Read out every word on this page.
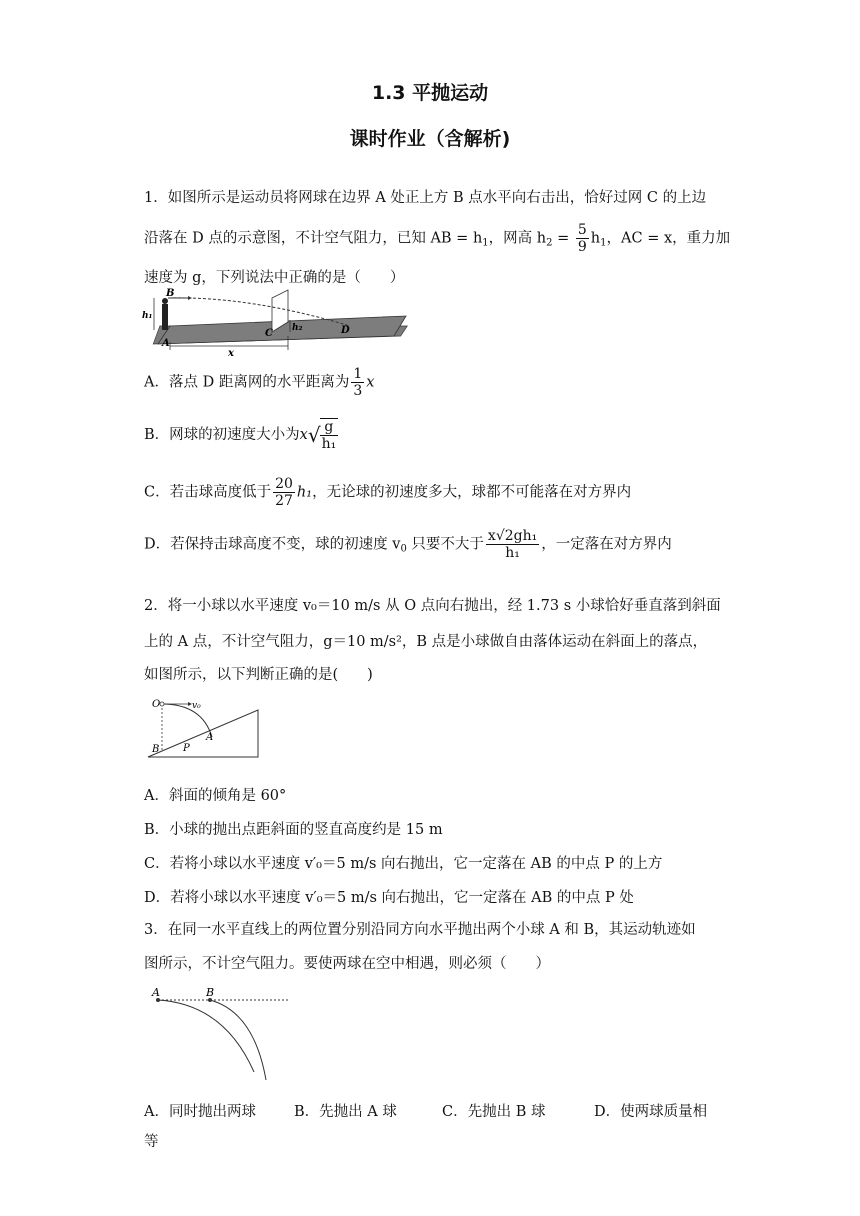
1.3 平抛运动
课时作业（含解析)
1．如图所示是运动员将网球在边界 A 处正上方 B 点水平向右击出，恰好过网 C 的上边
沿落在 D 点的示意图，不计空气阻力，已知 AB = $h_1$，网高 $h_2 = \frac{5}{9} h_1$，AC = x，重力加
速度为 g，下列说法中正确的是（　　）
B
A
C	D
h₁
h₂
x
A．落点 D 距离网的水平距离为 $\frac{1}{3}$ x
B．网球的初速度大小为$x√ \frac{g}{\text{h₁}}$
C．若击球高度低于 $\frac{20}{27} h_1$，无论球的初速度多大，球都不可能落在对方界内
D．若保持击球高度不变，球的初速度 $v_0$ 只要不大于 $\frac{\text{x√2gh₁}}{\text{h₁}}$ ，一定落在对方界内
2．将一小球以水平速度 v₀＝10 m/s 从 O 点向右抛出，经 1.73 s 小球恰好垂直落到斜面
上的 A 点，不计空气阻力，g＝10 m/s²，B 点是小球做自由落体运动在斜面上的落点，
如图所示，以下判断正确的是(　　)
O	v₀
A
B P
A．斜面的倾角是 60°
B．小球的抛出点距斜面的竖直高度约是 15 m
C．若将小球以水平速度 v′₀＝5 m/s 向右抛出，它一定落在 AB 的中点 P 的上方
D．若将小球以水平速度 v′₀＝5 m/s 向右抛出，它一定落在 AB 的中点 P 处
3．在同一水平直线上的两位置分别沿同方向水平抛出两个小球 A 和 B，其运动轨迹如
图所示，不计空气阻力。要使两球在空中相遇，则必须（　　）
A	B
A．同时抛出两球	B．先抛出 A 球	C．先抛出 B 球	D．使两球质量相
等
